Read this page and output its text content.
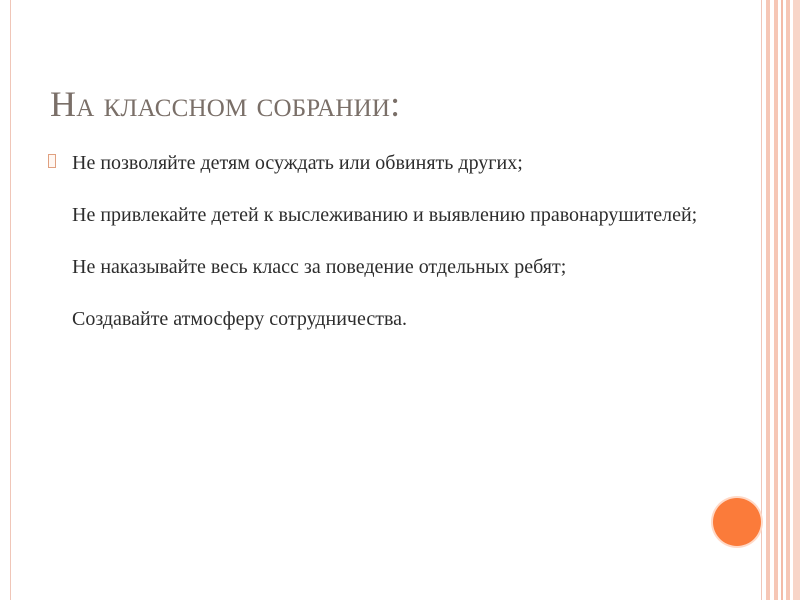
На классном собрании:
Не позволяйте детям осуждать или обвинять других;
Не привлекайте детей к выслеживанию и выявлению правонарушителей;
Не наказывайте весь класс за поведение отдельных ребят;
Создавайте атмосферу сотрудничества.
